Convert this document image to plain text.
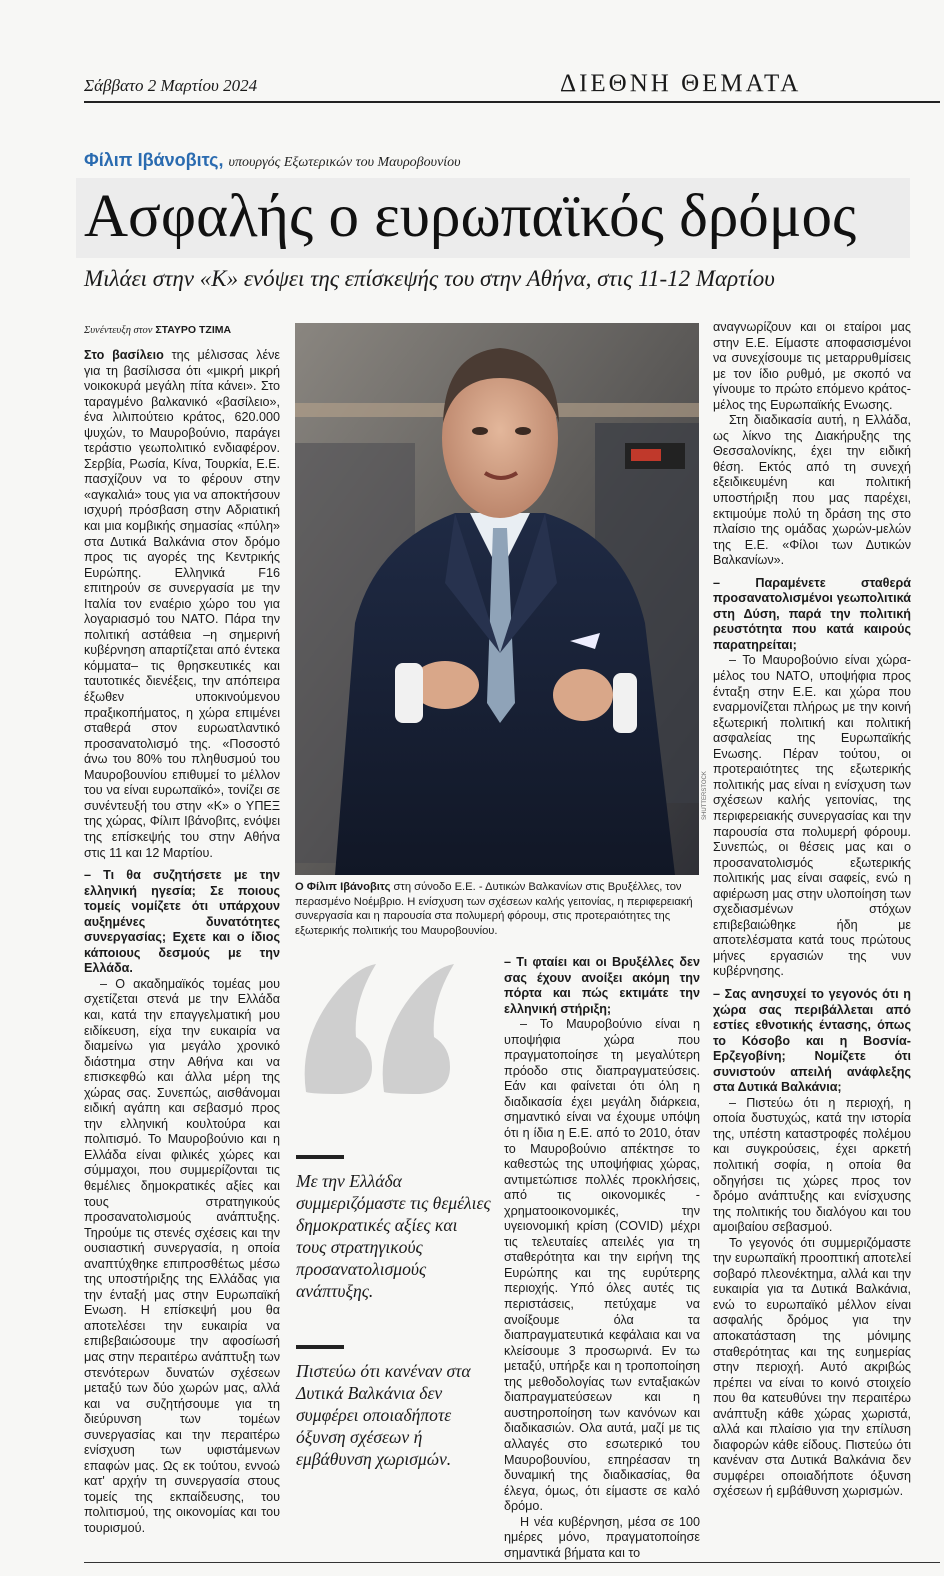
Σάββατο 2 Μαρτίου 2024	ΔΙΕΘΝΗ ΘΕΜΑΤΑ
Φίλιπ Ιβάνοβιτς, υπουργός Εξωτερικών του Μαυροβουνίου
Ασφαλής ο ευρωπαϊκός δρόμος
Μιλάει στην «Κ» ενόψει της επίσκεψής του στην Αθήνα, στις 11-12 Μαρτίου
Συνέντευξη στον ΣΤΑΥΡΟ ΤΖΙΜΑ

Στο βασίλειο της μέλισσας λένε για τη βασίλισσα ότι «μικρή μικρή νοικοκυρά μεγάλη πίτα κάνει». Στο ταραγμένο βαλκανικό «βασίλειο», ένα λιλιπούτειο κράτος, 620.000 ψυχών, το Μαυροβούνιο, παράγει τεράστιο γεωπολιτικό ενδιαφέρον. Σερβία, Ρωσία, Κίνα, Τουρκία, Ε.Ε. πασχίζουν να το φέρουν στην «αγκαλιά» τους για να αποκτήσουν ισχυρή πρόσβαση στην Αδριατική και μια κομβικής σημασίας «πύλη» στα Δυτικά Βαλκάνια στον δρόμο προς τις αγορές της Κεντρικής Ευρώπης. Ελληνικά F16 επιτηρούν σε συνεργασία με την Ιταλία τον εναέριο χώρο του για λογαριασμό του ΝΑΤΟ. Πάρα την πολιτική αστάθεια –η σημερινή κυβέρνηση απαρτίζεται από έντεκα κόμματα– τις θρησκευτικές και ταυτοτικές διενέξεις, την απόπειρα έξωθεν υποκινούμενου πραξικοπήματος, η χώρα επιμένει σταθερά στον ευρωατλαντικό προσανατολισμό της. «Ποσοστό άνω του 80% του πληθυσμού του Μαυροβουνίου επιθυμεί το μέλλον του να είναι ευρωπαϊκό», τονίζει σε συνέντευξή του στην «Κ» ο ΥΠΕΞ της χώρας, Φίλιπ Ιβάνοβιτς, ενόψει της επίσκεψής του στην Αθήνα στις 11 και 12 Μαρτίου.

– Τι θα συζητήσετε με την ελληνική ηγεσία; Σε ποιους τομείς νομίζετε ότι υπάρχουν αυξημένες δυνατότητες συνεργασίας; Εχετε και ο ίδιος κάποιους δεσμούς με την Ελλάδα.

– Ο ακαδημαϊκός τομέας μου σχετίζεται στενά με την Ελλάδα και, κατά την επαγγελματική μου ειδίκευση, είχα την ευκαιρία να διαμείνω για μεγάλο χρονικό διάστημα στην Αθήνα και να επισκεφθώ και άλλα μέρη της χώρας σας. Συνεπώς, αισθάνομαι ειδική αγάπη και σεβασμό προς την ελληνική κουλτούρα και πολιτισμό. Το Μαυροβούνιο και η Ελλάδα είναι φιλικές χώρες και σύμμαχοι, που συμμερίζονται τις θεμέλιες δημοκρατικές αξίες και τους στρατηγικούς προσανατολισμούς ανάπτυξης. Τηρούμε τις στενές σχέσεις και την ουσιαστική συνεργασία, η οποία αναπτύχθηκε επιπροσθέτως μέσω της υποστήριξης της Ελλάδας για την ένταξή μας στην Ευρωπαϊκή Ενωση. Η επίσκεψή μου θα αποτελέσει την ευκαιρία να επιβεβαιώσουμε την αφοσίωσή μας στην περαιτέρω ανάπτυξη των στενότερων δυνατών σχέσεων μεταξύ των δύο χωρών μας, αλλά και να συζητήσουμε για τη διεύρυνση των τομέων συνεργασίας και την περαιτέρω ενίσχυση των υφιστάμενων επαφών μας. Ως εκ τούτου, εννοώ κατ' αρχήν τη συνεργασία στους τομείς της εκπαίδευσης, του πολιτισμού, της οικονομίας και του τουρισμού.

SHUTTERSTOCK
Ο Φίλιπ Ιβάνοβιτς στη σύνοδο Ε.Ε. - Δυτικών Βαλκανίων στις Βρυξέλλες, τον περασμένο Νοέμβριο. Η ενίσχυση των σχέσεων καλής γειτονίας, η περιφερειακή συνεργασία και η παρουσία στα πολυμερή φόρουμ, στις προτεραιότητες της εξωτερικής πολιτικής του Μαυροβουνίου.
Με την Ελλάδα συμμεριζόμαστε τις θεμέλιες δημοκρατικές αξίες και τους στρατηγικούς προσανατολισμούς ανάπτυξης.
Πιστεύω ότι κανέναν στα Δυτικά Βαλκάνια δεν συμφέρει οποιαδήποτε όξυνση σχέσεων ή εμβάθυνση χωρισμών.

– Τι φταίει και οι Βρυξέλλες δεν σας έχουν ανοίξει ακόμη την πόρτα και πώς εκτιμάτε την ελληνική στήριξη;

– Το Μαυροβούνιο είναι η υποψήφια χώρα που πραγματοποίησε τη μεγαλύτερη πρόοδο στις διαπραγματεύσεις. Εάν και φαίνεται ότι όλη η διαδικασία έχει μεγάλη διάρκεια, σημαντικό είναι να έχουμε υπόψη ότι η ίδια η Ε.Ε. από το 2010, όταν το Μαυροβούνιο απέκτησε το καθεστώς της υποψήφιας χώρας, αντιμετώπισε πολλές προκλήσεις, από τις οικονομικές - χρηματοοικονομικές, την υγειονομική κρίση (COVID) μέχρι τις τελευταίες απειλές για τη σταθερότητα και την ειρήνη της Ευρώπης και της ευρύτερης περιοχής. Υπό όλες αυτές τις περιστάσεις, πετύχαμε να ανοίξουμε όλα τα διαπραγματευτικά κεφάλαια και να κλείσουμε 3 προσωρινά. Εν τω μεταξύ, υπήρξε και η τροποποίηση της μεθοδολογίας των ενταξιακών διαπραγματεύσεων και η αυστηροποίηση των κανόνων και διαδικασιών. Ολα αυτά, μαζί με τις αλλαγές στο εσωτερικό του Μαυροβουνίου, επηρέασαν τη δυναμική της διαδικασίας, θα έλεγα, όμως, ότι είμαστε σε καλό δρόμο.

Η νέα κυβέρνηση, μέσα σε 100 ημέρες μόνο, πραγματοποίησε σημαντικά βήματα και το

αναγνωρίζουν και οι εταίροι μας στην Ε.Ε. Είμαστε αποφασισμένοι να συνεχίσουμε τις μεταρρυθμίσεις με τον ίδιο ρυθμό, με σκοπό να γίνουμε το πρώτο επόμενο κράτος-μέλος της Ευρωπαϊκής Ενωσης.

Στη διαδικασία αυτή, η Ελλάδα, ως λίκνο της Διακήρυξης της Θεσσαλονίκης, έχει την ειδική θέση. Εκτός από τη συνεχή εξειδικευμένη και πολιτική υποστήριξη που μας παρέχει, εκτιμούμε πολύ τη δράση της στο πλαίσιο της ομάδας χωρών-μελών της Ε.Ε. «Φίλοι των Δυτικών Βαλκανίων».

– Παραμένετε σταθερά προσανατολισμένοι γεωπολιτικά στη Δύση, παρά την πολιτική ρευστότητα που κατά καιρούς παρατηρείται;

– Το Μαυροβούνιο είναι χώρα-μέλος του ΝΑΤΟ, υποψήφια προς ένταξη στην Ε.Ε. και χώρα που εναρμονίζεται πλήρως με την κοινή εξωτερική πολιτική και πολιτική ασφαλείας της Ευρωπαϊκής Ενωσης. Πέραν τούτου, οι προτεραιότητες της εξωτερικής πολιτικής μας είναι η ενίσχυση των σχέσεων καλής γειτονίας, της περιφερειακής συνεργασίας και την παρουσία στα πολυμερή φόρουμ. Συνεπώς, οι θέσεις μας και ο προσανατολισμός εξωτερικής πολιτικής μας είναι σαφείς, ενώ η αφιέρωση μας στην υλοποίηση των σχεδιασμένων στόχων επιβεβαιώθηκε ήδη με αποτελέσματα κατά τους πρώτους μήνες εργασιών της νυν κυβέρνησης.

– Σας ανησυχεί το γεγονός ότι η χώρα σας περιβάλλεται από εστίες εθνοτικής έντασης, όπως το Κόσοβο και η Βοσνία-Ερζεγοβίνη; Νομίζετε ότι συνιστούν απειλή ανάφλεξης στα Δυτικά Βαλκάνια;

– Πιστεύω ότι η περιοχή, η οποία δυστυχώς, κατά την ιστορία της, υπέστη καταστροφές πολέμου και συγκρούσεις, έχει αρκετή πολιτική σοφία, η οποία θα οδηγήσει τις χώρες προς τον δρόμο ανάπτυξης και ενίσχυσης της πολιτικής του διαλόγου και του αμοιβαίου σεβασμού.

Το γεγονός ότι συμμεριζόμαστε την ευρωπαϊκή προοπτική αποτελεί σοβαρό πλεονέκτημα, αλλά και την ευκαιρία για τα Δυτικά Βαλκάνια, ενώ το ευρωπαϊκό μέλλον είναι ασφαλής δρόμος για την αποκατάσταση της μόνιμης σταθερότητας και της ευημερίας στην περιοχή. Αυτό ακριβώς πρέπει να είναι το κοινό στοιχείο που θα κατευθύνει την περαιτέρω ανάπτυξη κάθε χώρας χωριστά, αλλά και πλαίσιο για την επίλυση διαφορών κάθε είδους. Πιστεύω ότι κανέναν στα Δυτικά Βαλκάνια δεν συμφέρει οποιαδήποτε όξυνση σχέσεων ή εμβάθυνση χωρισμών.
